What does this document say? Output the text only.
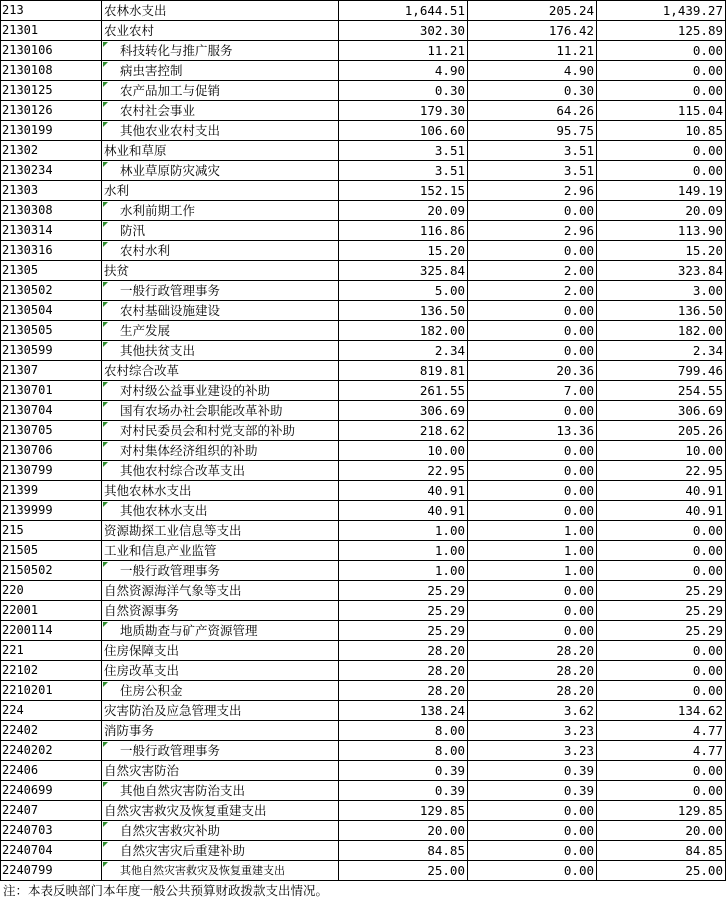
213	农林水支出	1,644.51	205.24	1,439.27
21301	农业农村	302.30	176.42	125.89
2130106	科技转化与推广服务	11.21	11.21	0.00
2130108	病虫害控制	4.90	4.90	0.00
2130125	农产品加工与促销	0.30	0.30	0.00
2130126	农村社会事业	179.30	64.26	115.04
2130199	其他农业农村支出	106.60	95.75	10.85
21302	林业和草原	3.51	3.51	0.00
2130234	林业草原防灾减灾	3.51	3.51	0.00
21303	水利	152.15	2.96	149.19
2130308	水利前期工作	20.09	0.00	20.09
2130314	防汛	116.86	2.96	113.90
2130316	农村水利	15.20	0.00	15.20
21305	扶贫	325.84	2.00	323.84
2130502	一般行政管理事务	5.00	2.00	3.00
2130504	农村基础设施建设	136.50	0.00	136.50
2130505	生产发展	182.00	0.00	182.00
2130599	其他扶贫支出	2.34	0.00	2.34
21307	农村综合改革	819.81	20.36	799.46
2130701	对村级公益事业建设的补助	261.55	7.00	254.55
2130704	国有农场办社会职能改革补助	306.69	0.00	306.69
2130705	对村民委员会和村党支部的补助	218.62	13.36	205.26
2130706	对村集体经济组织的补助	10.00	0.00	10.00
2130799	其他农村综合改革支出	22.95	0.00	22.95
21399	其他农林水支出	40.91	0.00	40.91
2139999	其他农林水支出	40.91	0.00	40.91
215	资源勘探工业信息等支出	1.00	1.00	0.00
21505	工业和信息产业监管	1.00	1.00	0.00
2150502	一般行政管理事务	1.00	1.00	0.00
220	自然资源海洋气象等支出	25.29	0.00	25.29
22001	自然资源事务	25.29	0.00	25.29
2200114	地质勘查与矿产资源管理	25.29	0.00	25.29
221	住房保障支出	28.20	28.20	0.00
22102	住房改革支出	28.20	28.20	0.00
2210201	住房公积金	28.20	28.20	0.00
224	灾害防治及应急管理支出	138.24	3.62	134.62
22402	消防事务	8.00	3.23	4.77
2240202	一般行政管理事务	8.00	3.23	4.77
22406	自然灾害防治	0.39	0.39	0.00
2240699	其他自然灾害防治支出	0.39	0.39	0.00
22407	自然灾害救灾及恢复重建支出	129.85	0.00	129.85
2240703	自然灾害救灾补助	20.00	0.00	20.00
2240704	自然灾害灾后重建补助	84.85	0.00	84.85
2240799	其他自然灾害救灾及恢复重建支出	25.00	0.00	25.00
注：本表反映部门本年度一般公共预算财政拨款支出情况。
